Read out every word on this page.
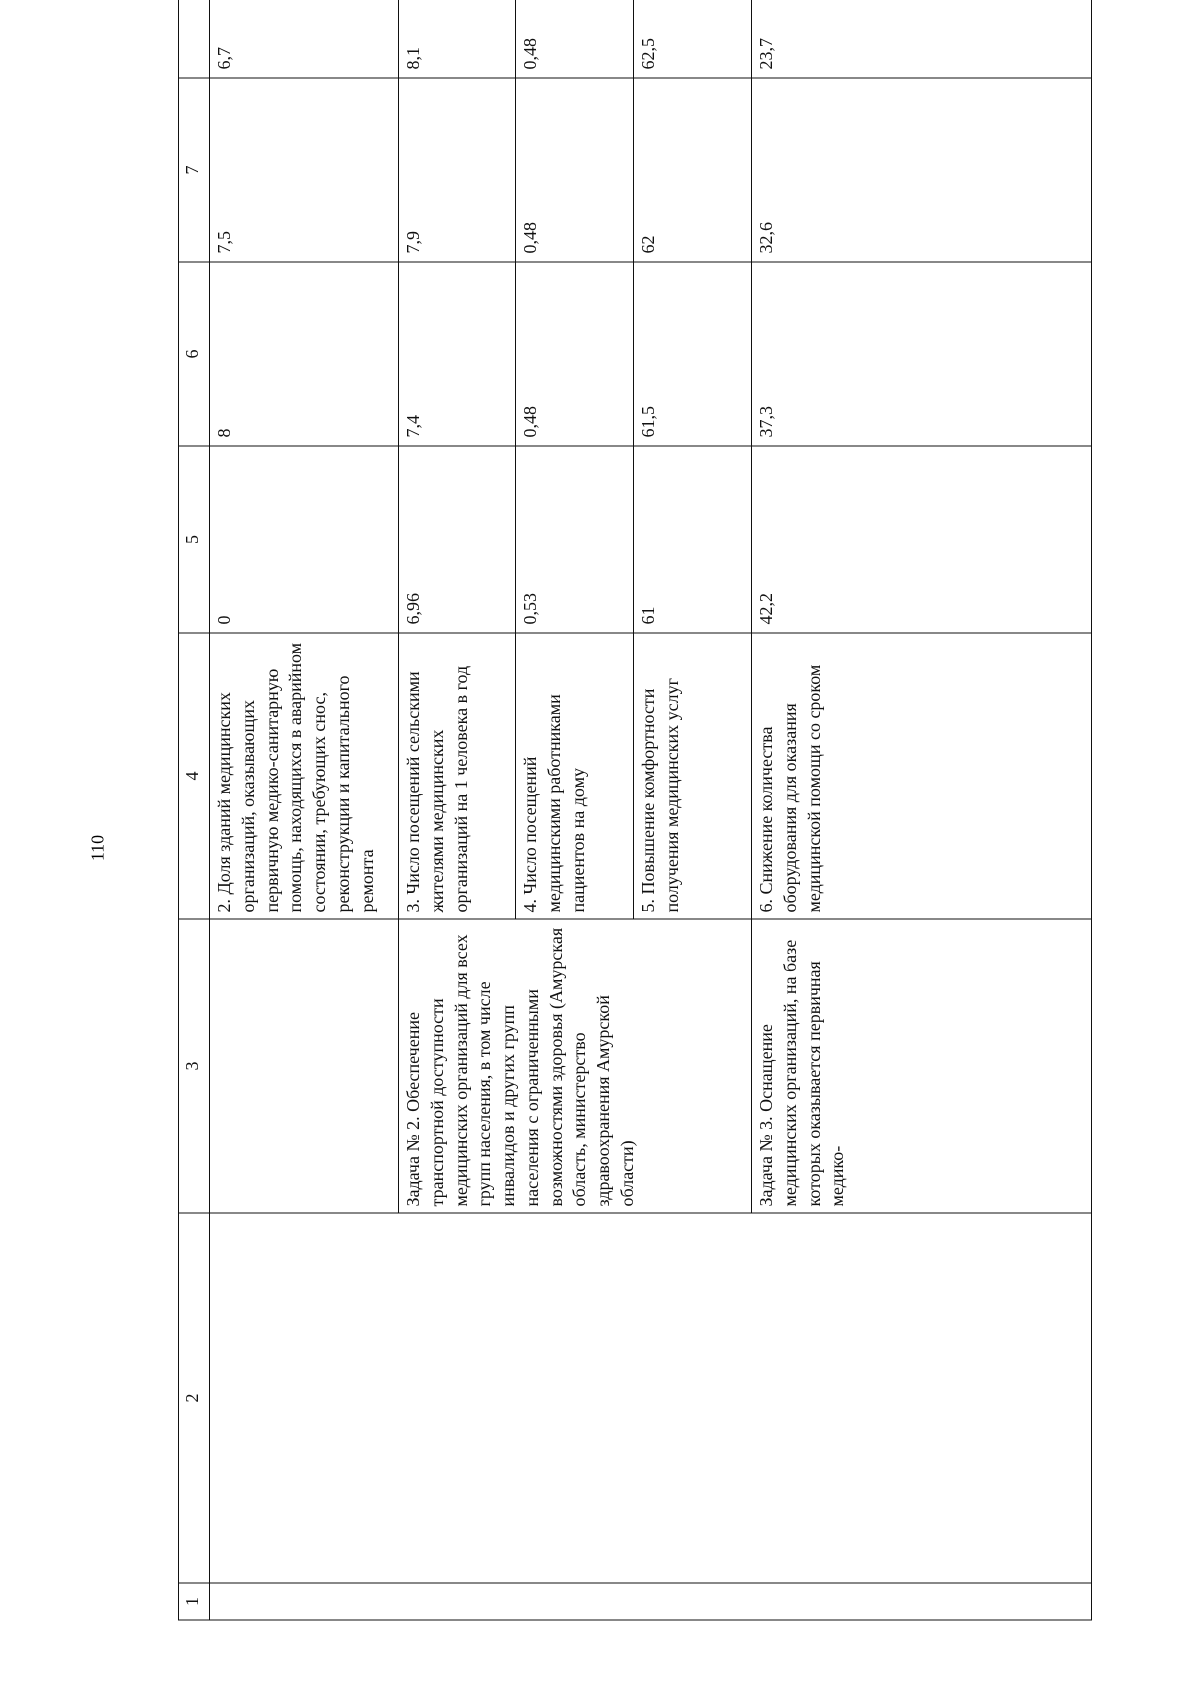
110
1	2	3	4	5	6	7		
			2. Доля зданий медицинских организаций, оказывающих первичную медико-санитарную помощь, находящихся в аварийном состоянии, требующих снос, реконструкции и капитального ремонта	0	8	7,5	6,7	
		Задача № 2. Обеспечение транспортной доступности медицинских организаций для всех групп населения, в том числе инвалидов и других групп населения с ограниченными возможностями здоровья (Амурская область, министерство здравоохранения Амурской области)	3. Число посещений сельскими жителями медицинских организаций на 1 человека в год	6,96	7,4	7,9	8,1	
			4. Число посещений медицинскими работниками пациентов на дому	0,53	0,48	0,48	0,48	
			5. Повышение комфортности получения медицинских услуг	61	61,5	62	62,5	
		Задача № 3. Оснащение медицинских организаций, на базе которых оказывается первичная медико-	6. Снижение количества оборудования для оказания медицинской помощи со сроком	42,2	37,3	32,6	23,7	
